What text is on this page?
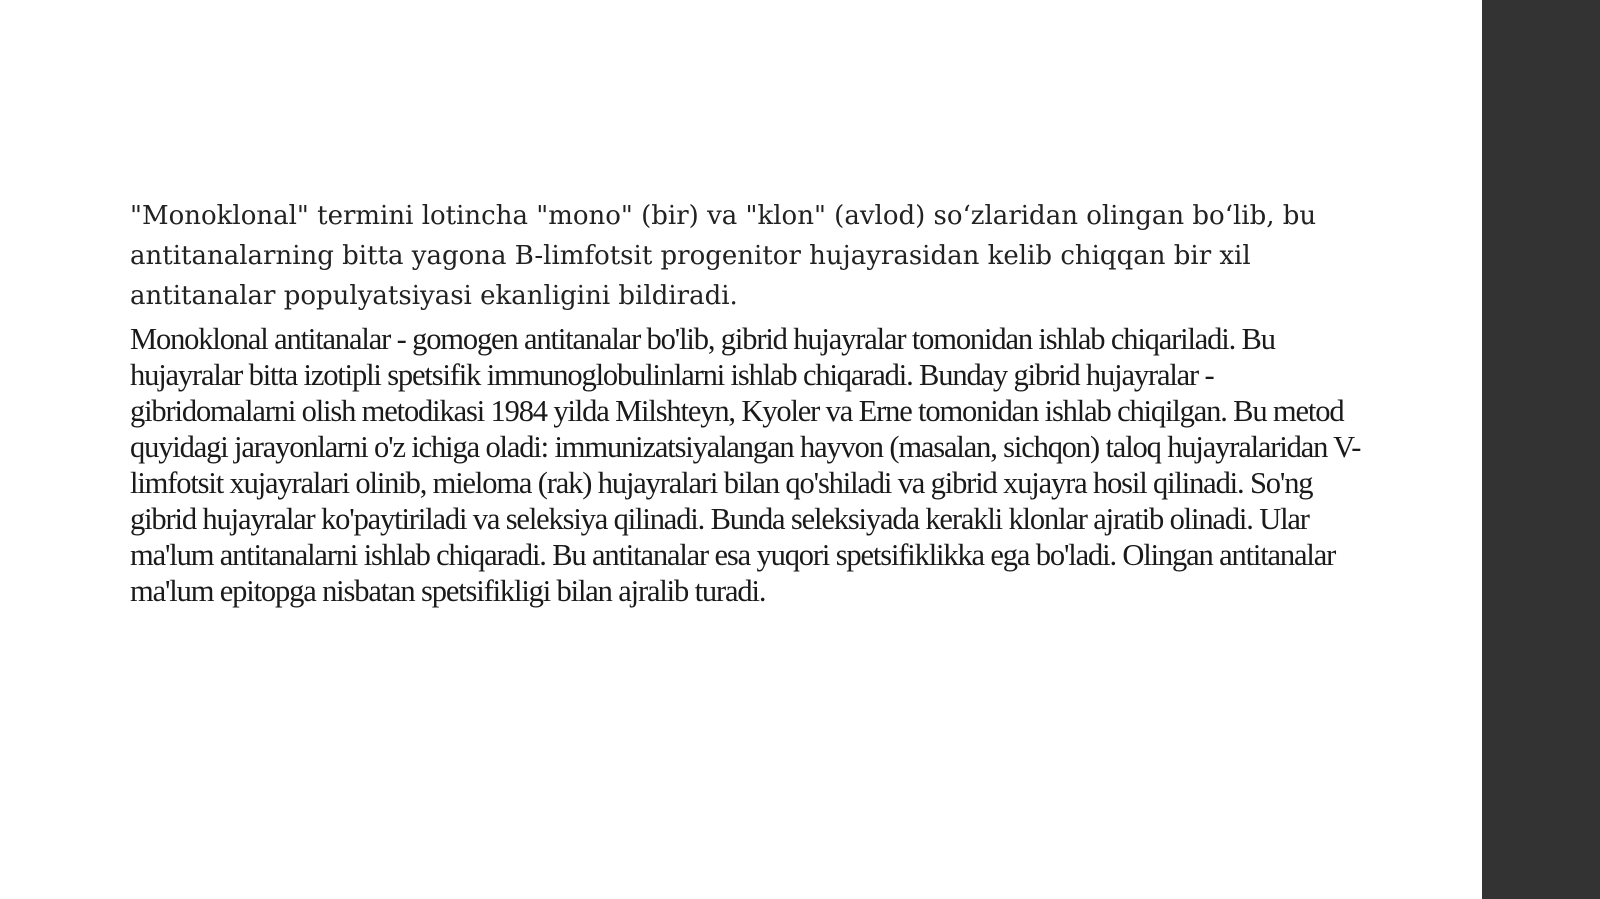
"Monoklonal" termini lotincha "mono" (bir) va "klon" (avlod) so‘zlaridan olingan bo‘lib, bu antitanalarning bitta yagona B-limfotsit progenitor hujayrasidan kelib chiqqan bir xil antitanalar populyatsiyasi ekanligini bildiradi.

Monoklonal antitanalar - gomogen antitanalar bo'lib, gibrid hujayralar tomonidan ishlab chiqariladi. Bu hujayralar bitta izotipli spetsifik immunoglobulinlarni ishlab chiqaradi. Bunday gibrid hujayralar - gibridomalarni olish metodikasi 1984 yilda Milshteyn, Kyoler va Erne tomonidan ishlab chiqilgan. Bu metod quyidagi jarayonlarni o'z ichiga oladi: immunizatsiyalangan hayvon (masalan, sichqon) taloq hujayralaridan V-limfotsit xujayralari olinib, mieloma (rak) hujayralari bilan qo'shiladi va gibrid xujayra hosil qilinadi. So'ng gibrid hujayralar ko'paytiriladi va seleksiya qilinadi. Bunda seleksiyada kerakli klonlar ajratib olinadi. Ular ma'lum antitanalarni ishlab chiqaradi. Bu antitanalar esa yuqori spetsifiklikka ega bo'ladi. Olingan antitanalar ma'lum epitopga nisbatan spetsifikligi bilan ajralib turadi.
